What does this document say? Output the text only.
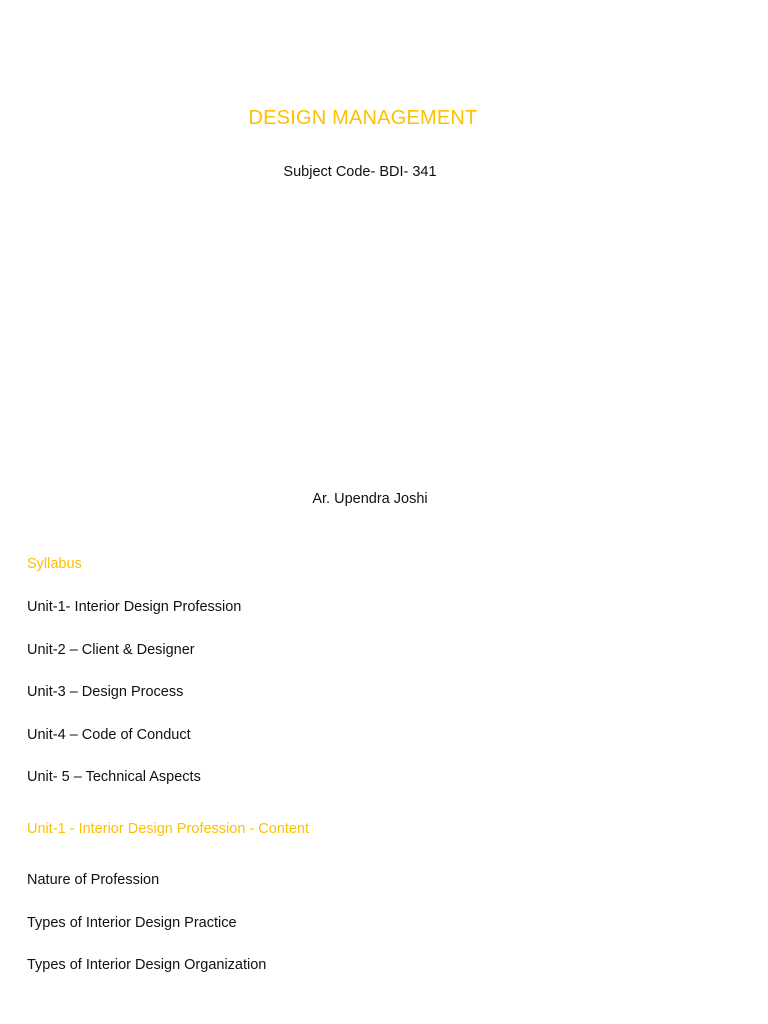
DESIGN MANAGEMENT
Subject Code- BDI- 341
Ar. Upendra Joshi
Syllabus
Unit-1- Interior Design Profession
Unit-2 – Client & Designer
Unit-3 – Design Process
Unit-4 – Code of Conduct
Unit- 5 – Technical Aspects
Unit-1 - Interior Design Profession - Content
Nature of Profession
Types of Interior Design Practice
Types of Interior Design Organization
